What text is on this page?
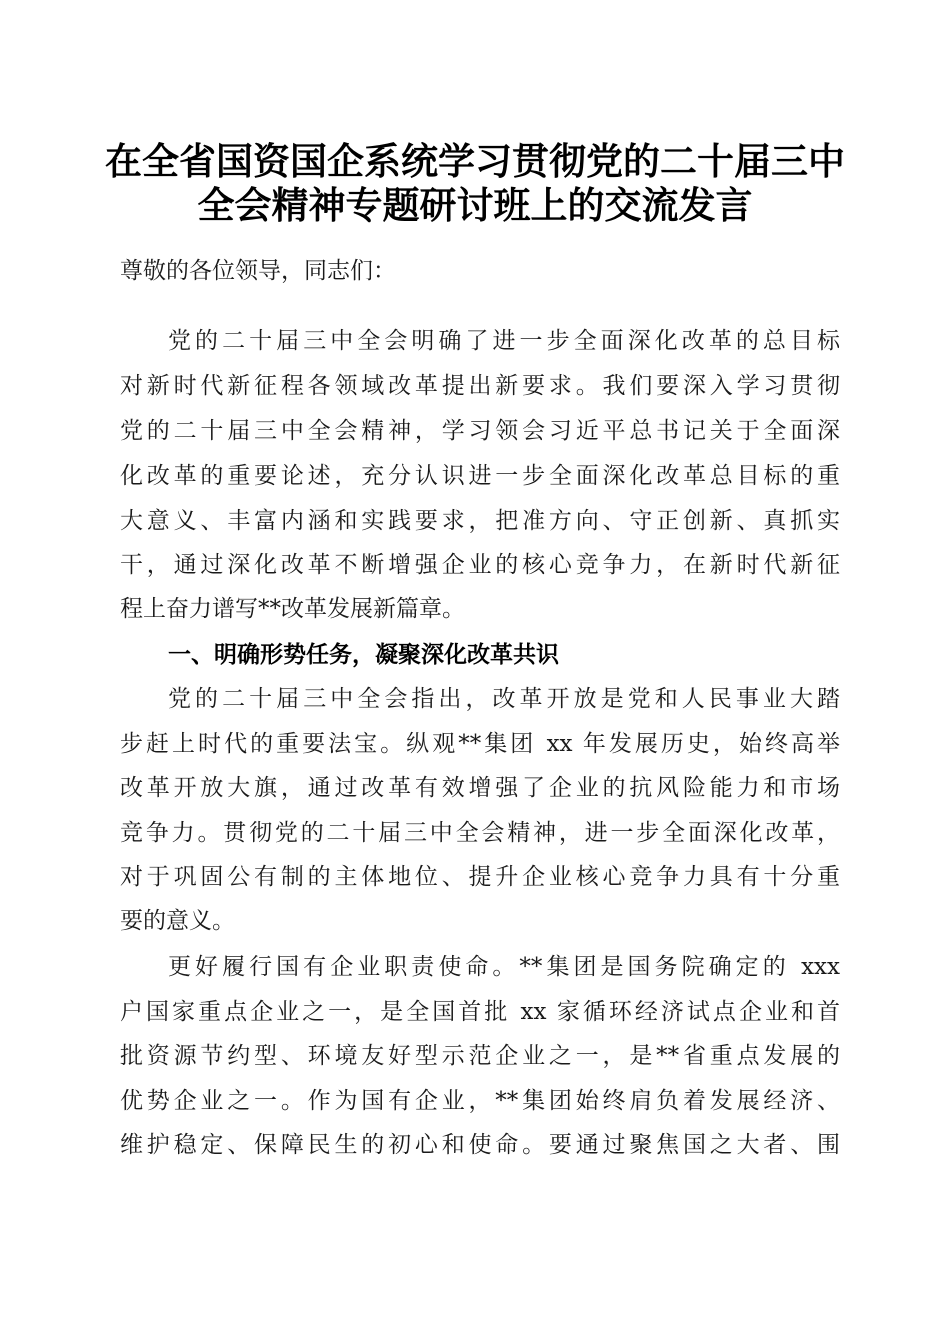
在全省国资国企系统学习贯彻党的二十届三中
全会精神专题研讨班上的交流发言

尊敬的各位领导，同志们：

党的二十届三中全会明确了进一步全面深化改革的总目标

对新时代新征程各领域改革提出新要求。我们要深入学习贯彻

党的二十届三中全会精神，学习领会习近平总书记关于全面深

化改革的重要论述，充分认识进一步全面深化改革总目标的重

大意义、丰富内涵和实践要求，把准方向、守正创新、真抓实

干，通过深化改革不断增强企业的核心竞争力，在新时代新征

程上奋力谱写**改革发展新篇章。

一、明确形势任务，凝聚深化改革共识

党的二十届三中全会指出，改革开放是党和人民事业大踏

步赶上时代的重要法宝。纵观**集团 xx 年发展历史，始终高举

改革开放大旗，通过改革有效增强了企业的抗风险能力和市场

竞争力。贯彻党的二十届三中全会精神，进一步全面深化改革，

对于巩固公有制的主体地位、提升企业核心竞争力具有十分重

要的意义。

更好履行国有企业职责使命。**集团是国务院确定的 xxx

户国家重点企业之一，是全国首批 xx 家循环经济试点企业和首

批资源节约型、环境友好型示范企业之一，是**省重点发展的

优势企业之一。作为国有企业，**集团始终肩负着发展经济、

维护稳定、保障民生的初心和使命。要通过聚焦国之大者、围
